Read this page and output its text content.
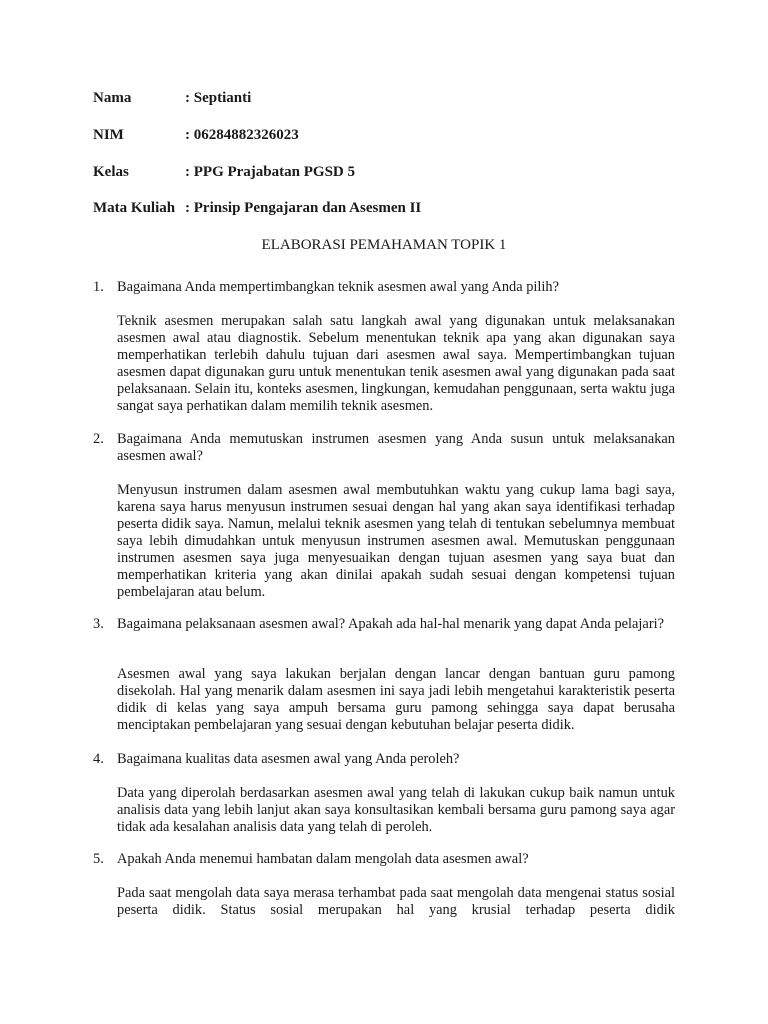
Nama	: Septianti
NIM	: 06284882326023
Kelas	: PPG Prajabatan PGSD 5
Mata Kuliah : Prinsip Pengajaran dan Asesmen II
ELABORASI PEMAHAMAN TOPIK 1
1. Bagaimana Anda mempertimbangkan teknik asesmen awal yang Anda pilih?
Teknik asesmen merupakan salah satu langkah awal yang digunakan untuk melaksanakan asesmen awal atau diagnostik. Sebelum menentukan teknik apa yang akan digunakan saya memperhatikan terlebih dahulu tujuan dari asesmen awal saya. Mempertimbangkan tujuan asesmen dapat digunakan guru untuk menentukan tenik asesmen awal yang digunakan pada saat pelaksanaan. Selain itu, konteks asesmen, lingkungan, kemudahan penggunaan, serta waktu juga sangat saya perhatikan dalam memilih teknik asesmen.
2. Bagaimana Anda memutuskan instrumen asesmen yang Anda susun untuk melaksanakan asesmen awal?
Menyusun instrumen dalam asesmen awal membutuhkan waktu yang cukup lama bagi saya, karena saya harus menyusun instrumen sesuai dengan hal yang akan saya identifikasi terhadap peserta didik saya. Namun, melalui teknik asesmen yang telah di tentukan sebelumnya membuat saya lebih dimudahkan untuk menyusun instrumen asesmen awal. Memutuskan penggunaan instrumen asesmen saya juga menyesuaikan dengan tujuan asesmen yang saya buat dan memperhatikan kriteria yang akan dinilai apakah sudah sesuai dengan kompetensi tujuan pembelajaran atau belum.
3. Bagaimana pelaksanaan asesmen awal? Apakah ada hal-hal menarik yang dapat Anda pelajari?
Asesmen awal yang saya lakukan berjalan dengan lancar dengan bantuan guru pamong disekolah. Hal yang menarik dalam asesmen ini saya jadi lebih mengetahui karakteristik peserta didik di kelas yang saya ampuh bersama guru pamong sehingga saya dapat berusaha menciptakan pembelajaran yang sesuai dengan kebutuhan belajar peserta didik.
4. Bagaimana kualitas data asesmen awal yang Anda peroleh?
Data yang diperolah berdasarkan asesmen awal yang telah di lakukan cukup baik namun untuk analisis data yang lebih lanjut akan saya konsultasikan kembali bersama guru pamong saya agar tidak ada kesalahan analisis data yang telah di peroleh.
5. Apakah Anda menemui hambatan dalam mengolah data asesmen awal?
Pada saat mengolah data saya merasa terhambat pada saat mengolah data mengenai status sosial peserta didik. Status sosial merupakan hal yang krusial terhadap peserta didik
